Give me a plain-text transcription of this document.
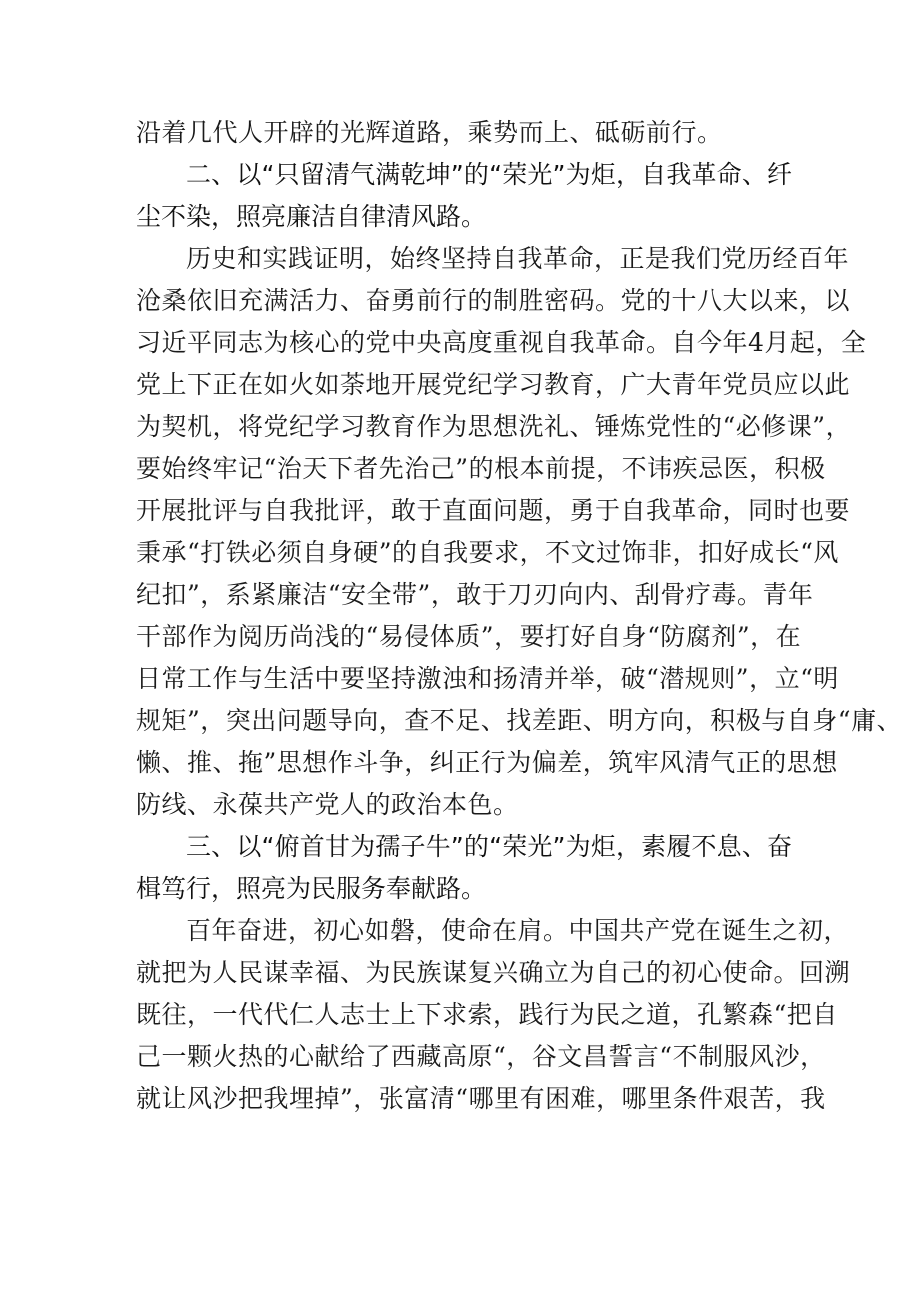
沿着几代人开辟的光辉道路，乘势而上、砥砺前行。
二、以“只留清气满乾坤”的“荣光”为炬，自我革命、纤
尘不染，照亮廉洁自律清风路。
历史和实践证明，始终坚持自我革命，正是我们党历经百年
沧桑依旧充满活力、奋勇前行的制胜密码。党的十八大以来，以
习近平同志为核心的党中央高度重视自我革命。自今年4月起，全
党上下正在如火如荼地开展党纪学习教育，广大青年党员应以此
为契机，将党纪学习教育作为思想洗礼、锤炼党性的“必修课”，
要始终牢记“治天下者先治己”的根本前提，不讳疾忌医，积极
开展批评与自我批评，敢于直面问题，勇于自我革命，同时也要
秉承“打铁必须自身硬”的自我要求，不文过饰非，扣好成长“风
纪扣”，系紧廉洁“安全带”，敢于刀刃向内、刮骨疗毒。青年
干部作为阅历尚浅的“易侵体质”，要打好自身“防腐剂”，在
日常工作与生活中要坚持激浊和扬清并举，破“潜规则”，立“明
规矩”，突出问题导向，查不足、找差距、明方向，积极与自身“庸、
懒、推、拖”思想作斗争，纠正行为偏差，筑牢风清气正的思想
防线、永葆共产党人的政治本色。
三、以“俯首甘为孺子牛”的“荣光”为炬，素履不息、奋
楫笃行，照亮为民服务奉献路。
百年奋进，初心如磐，使命在肩。中国共产党在诞生之初，
就把为人民谋幸福、为民族谋复兴确立为自己的初心使命。回溯
既往，一代代仁人志士上下求索，践行为民之道，孔繁森“把自
己一颗火热的心献给了西藏高原“，谷文昌誓言“不制服风沙，
就让风沙把我埋掉”，张富清“哪里有困难，哪里条件艰苦，我
